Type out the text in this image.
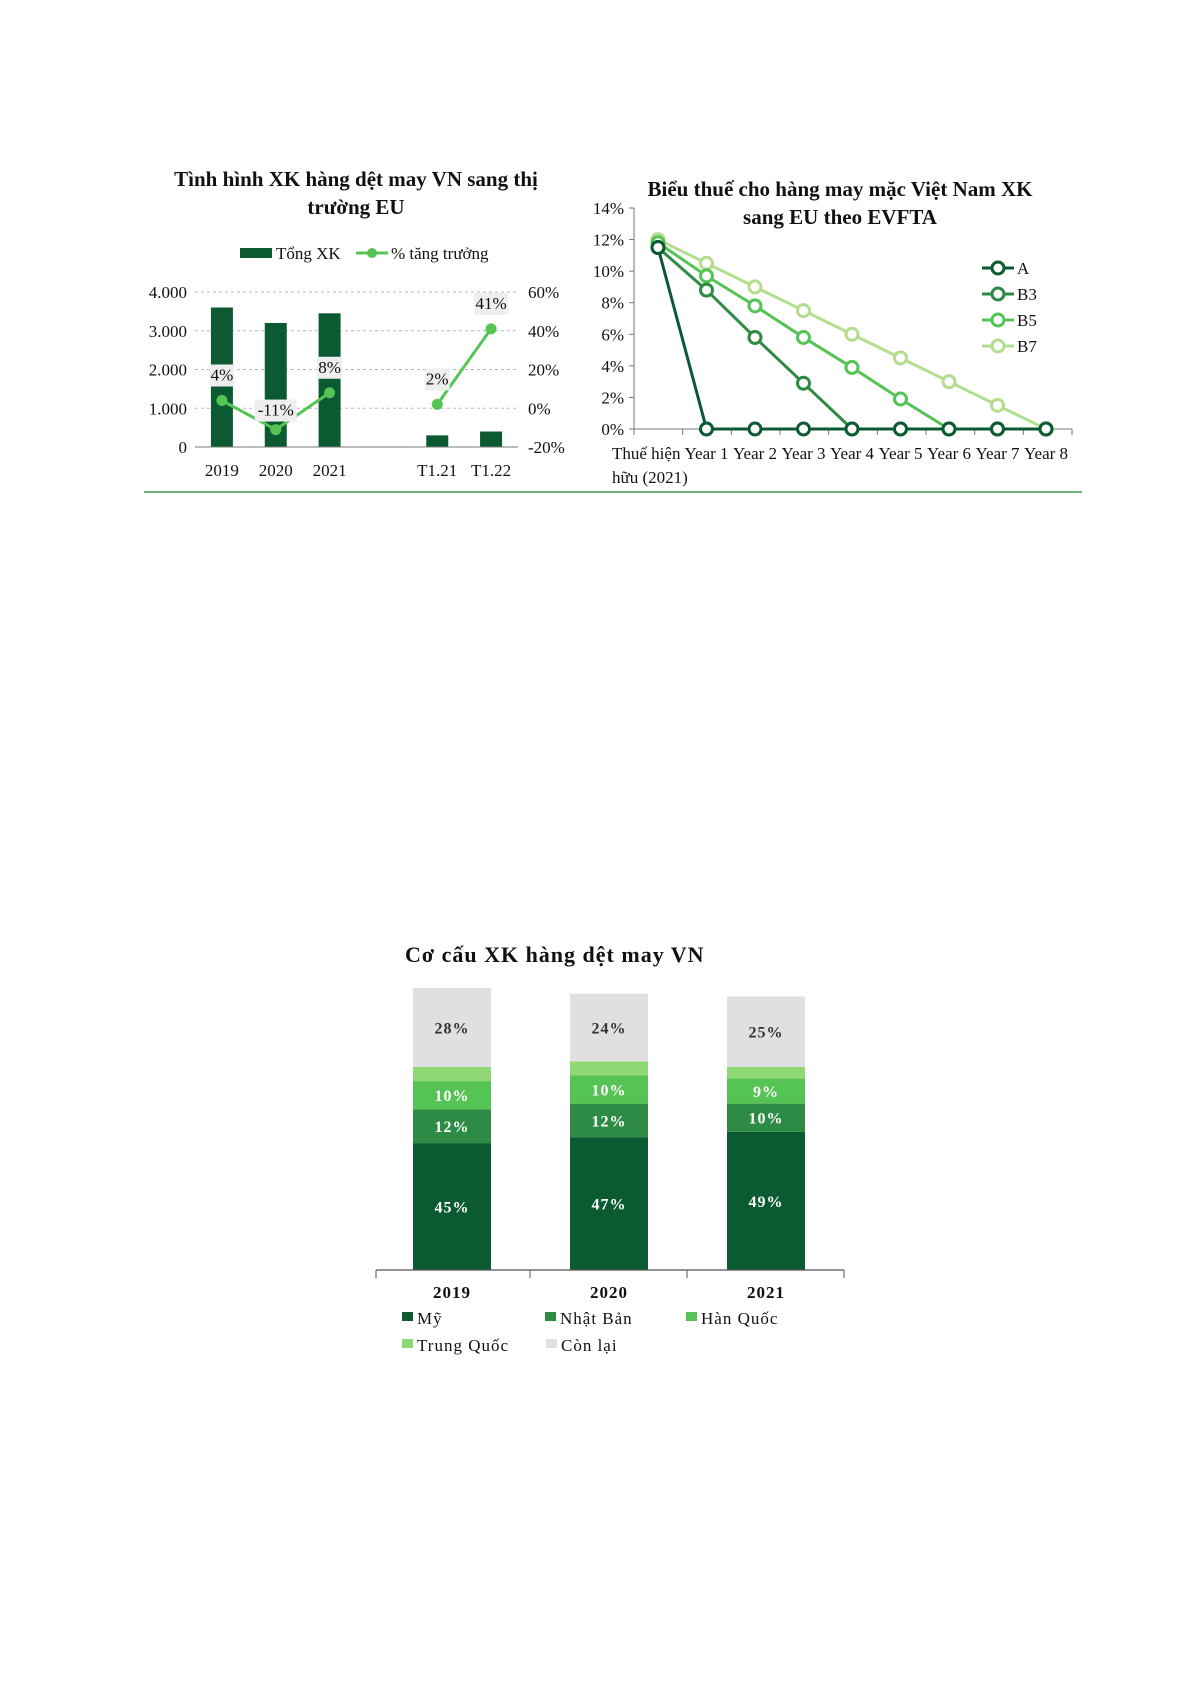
Tình hình XK hàng dệt may VN sang thị
trường EU
4%
-11%
8%
2%
41%
0
1.000
2.000
3.000
4.000
-20%
0%
20%
40%
60%
2019 2020 2021	T1.21 T1.22
Tổng XK	% tăng trưởng
Biểu thuế cho hàng may mặc Việt Nam XK
sang EU theo EVFTA
0%
2%
4%
6%
8%
10%
12%
14%
Thuế hiện
hữu (2021)
Year 1 Year 2 Year 3 Year 4 Year 5 Year 6 Year 7 Year 8
A
B3
B5
B7
Cơ cấu XK hàng dệt may VN
45%
12%
10%
28%
47%
12%
10%
24%
49%
10%
9%
25%
2019	2020	2021
Mỹ	Nhật Bản	Hàn Quốc
Trung Quốc	Còn lại
